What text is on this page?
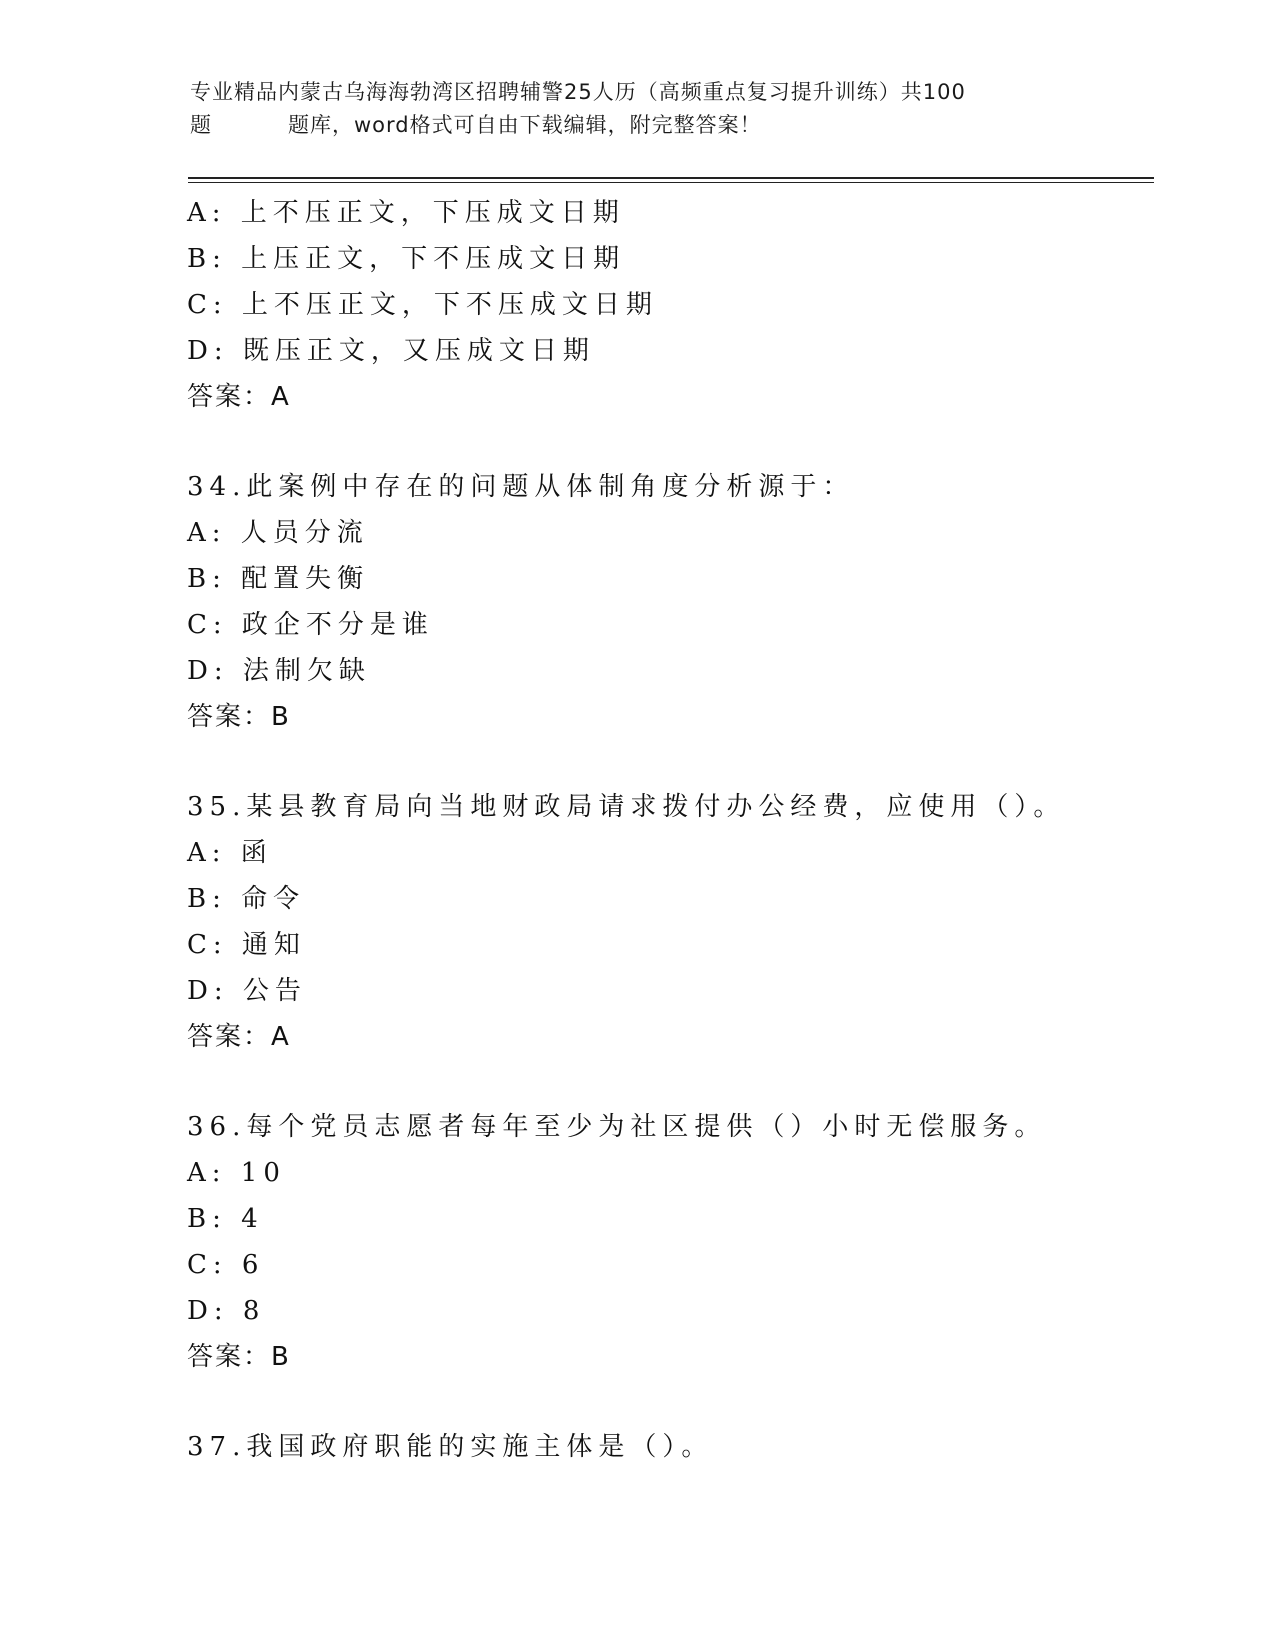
专业精品内蒙古乌海海勃湾区招聘辅警25人历（高频重点复习提升训练）共100
题	题库，word格式可自由下载编辑，附完整答案！
A: 上不压正文，下压成文日期
B: 上压正文，下不压成文日期
C: 上不压正文，下不压成文日期
D: 既压正文，又压成文日期
答案：A
34.此案例中存在的问题从体制角度分析源于：
A: 人员分流
B: 配置失衡
C: 政企不分是谁
D: 法制欠缺
答案：B
35.某县教育局向当地财政局请求拨付办公经费，应使用（）。
A: 函
B: 命令
C: 通知
D: 公告
答案：A
36.每个党员志愿者每年至少为社区提供（）小时无偿服务。
A: 10
B: 4
C: 6
D: 8
答案：B
37.我国政府职能的实施主体是（）。
